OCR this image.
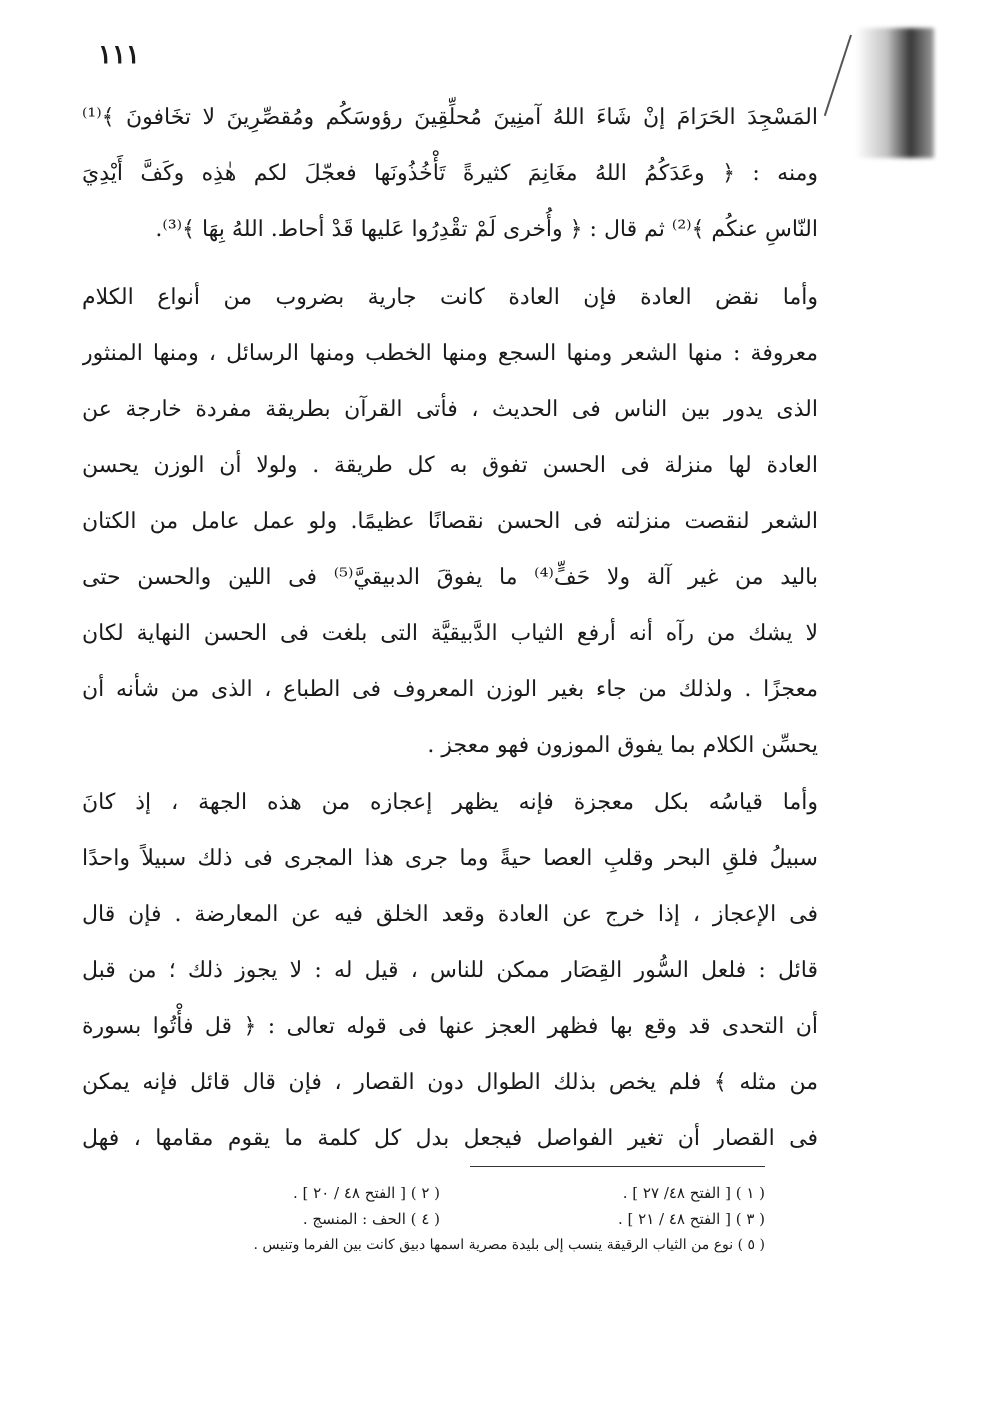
١١١
المَسْجِدَ الحَرَامَ إنْ شَاءَ اللهُ آمنِينَ مُحلِّقِينَ رؤوسَكُم ومُقصِّرِينَ لا تخَافونَ ﴾⁽¹⁾
ومنه : ﴿ وعَدَكُمُ اللهُ مغَانِمَ كثيرةً تَأْخُذُونَها فعجّلَ لكم هٰذِه وكَفَّ أَيْدِيَ
النّاسِ عنكُم ﴾⁽²⁾ ثم قال : ﴿ وأُخرى لَمْ تقْدِرُوا عَليها قَدْ أحاط. اللهُ بِهَا ﴾⁽³⁾.
وأما نقض العادة فإن العادة كانت جارية بضروب من أنواع الكلام
معروفة : منها الشعر ومنها السجع ومنها الخطب ومنها الرسائل ، ومنها المنثور
الذى يدور بين الناس فى الحديث ، فأتى القرآن بطريقة مفردة خارجة عن
العادة لها منزلة فى الحسن تفوق به كل طريقة . ولولا أن الوزن يحسن
الشعر لنقصت منزلته فى الحسن نقصانًا عظيمًا. ولو عمل عامل من الكتان
باليد من غير آلة ولا حَفٍّ⁽⁴⁾ ما يفوقَ الدبيقيَّ⁽⁵⁾ فى اللين والحسن حتى
لا يشك من رآه أنه أرفع الثياب الدَّبيقيَّة التى بلغت فى الحسن النهاية لكان
معجزًا . ولذلك من جاء بغير الوزن المعروف فى الطباع ، الذى من شأنه أن
يحسِّن الكلام بما يفوق الموزون فهو معجز .
وأما قياسُه بكل معجزة فإنه يظهر إعجازه من هذه الجهة ، إذ كانَ
سبيلُ فلقِ البحر وقلبِ العصا حيةً وما جرى هذا المجرى فى ذلك سبيلاً واحدًا
فى الإعجاز ، إذا خرج عن العادة وقعد الخلق فيه عن المعارضة . فإن قال
قائل : فلعل السُّور القِصَار ممكن للناس ، قيل له : لا يجوز ذلك ؛ من قبل
أن التحدى قد وقع بها فظهر العجز عنها فى قوله تعالى : ﴿ قل فأْتُوا بسورة
من مثله ﴾ فلم يخص بذلك الطوال دون القصار ، فإن قال قائل فإنه يمكن
فى القصار أن تغير الفواصل فيجعل بدل كل كلمة ما يقوم مقامها ، فهل
( ١ ) [ الفتح ٤٨/ ٢٧ ] .
( ٢ ) [ الفتح ٤٨ / ٢٠ ] .
( ٣ ) [ الفتح ٤٨ / ٢١ ] .
( ٤ ) الحف : المنسج .
( ٥ ) نوع من الثياب الرقيقة ينسب إلى بليدة مصرية اسمها دبيق كانت بين الفرما وتنيس .
